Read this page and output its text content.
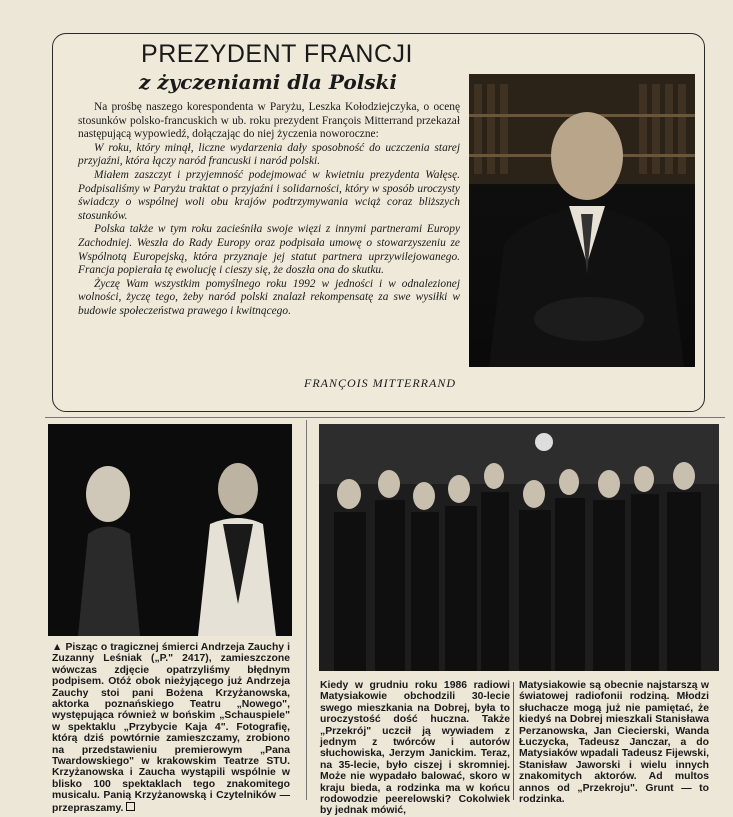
PREZYDENT FRANCJI
z życzeniami dla Polski

Na prośbę naszego korespondenta w Paryżu, Leszka Kołodziejczyka, o ocenę stosunków polsko-francuskich w ub. roku prezydent François Mitterrand przekazał następującą wypowiedź, dołączając do niej życzenia noworoczne:

W roku, który minął, liczne wydarzenia dały sposobność do uczczenia starej przyjaźni, która łączy naród francuski i naród polski.

Miałem zaszczyt i przyjemność podejmować w kwietniu prezydenta Wałęsę. Podpisaliśmy w Paryżu traktat o przyjaźni i solidarności, który w sposób uroczysty świadczy o wspólnej woli obu krajów podtrzymywania wciąż coraz bliższych stosunków.

Polska także w tym roku zacieśniła swoje więzi z innymi partnerami Europy Zachodniej. Weszła do Rady Europy oraz podpisała umowę o stowarzyszeniu ze Wspólnotą Europejską, która przyznaje jej statut partnera uprzywilejowanego. Francja popierała tę ewolucję i cieszy się, że doszła ona do skutku.

Życzę Wam wszystkim pomyślnego roku 1992 w jedności i w odnalezionej wolności, życzę tego, żeby naród polski znalazł rekompensatę za swe wysiłki w budowie społeczeństwa prawego i kwitnącego.

FRANÇOIS MITTERRAND
▲ Pisząc o tragicznej śmierci Andrzeja Zauchy i Zuzanny Leśniak („P." 2417), zamieszczone wówczas zdjęcie opatrzyliśmy błędnym podpisem. Otóż obok nieżyjącego już Andrzeja Zauchy stoi pani Bożena Krzyżanowska, aktorka poznańskiego Teatru „Nowego", występująca również w bońskim „Schauspiele" w spektaklu „Przybycie Kaja 4". Fotografię, którą dziś powtórnie zamieszczamy, zrobiono na przedstawieniu premierowym „Pana Twardowskiego" w krakowskim Teatrze STU. Krzyżanowska i Zaucha wystąpili wspólnie w blisko 100 spektaklach tego znakomitego musicalu. Panią Krzyżanowską i Czytelników — przepraszamy.
Kiedy w grudniu roku 1986 radiowi Matysiakowie obchodzili 30-lecie swego mieszkania na Dobrej, była to uroczystość dość huczna. Także „Przekrój" uczcił ją wywiadem z jednym z twórców i autorów słuchowiska, Jerzym Janickim. Teraz, na 35-lecie, było ciszej i skromniej. Może nie wypadało balować, skoro w kraju bieda, a rodzinka ma w końcu rodowodzie peerelowski? Cokolwiek by jednak mówić,
Matysiakowie są obecnie najstarszą w światowej radiofonii rodziną. Młodzi słuchacze mogą już nie pamiętać, że kiedyś na Dobrej mieszkali Stanisława Perzanowska, Jan Ciecierski, Wanda Łuczycka, Tadeusz Janczar, a do Matysiaków wpadali Tadeusz Fijewski, Stanisław Jaworski i wielu innych znakomitych aktorów. Ad multos annos od „Przekroju". Grunt — to rodzinka.
